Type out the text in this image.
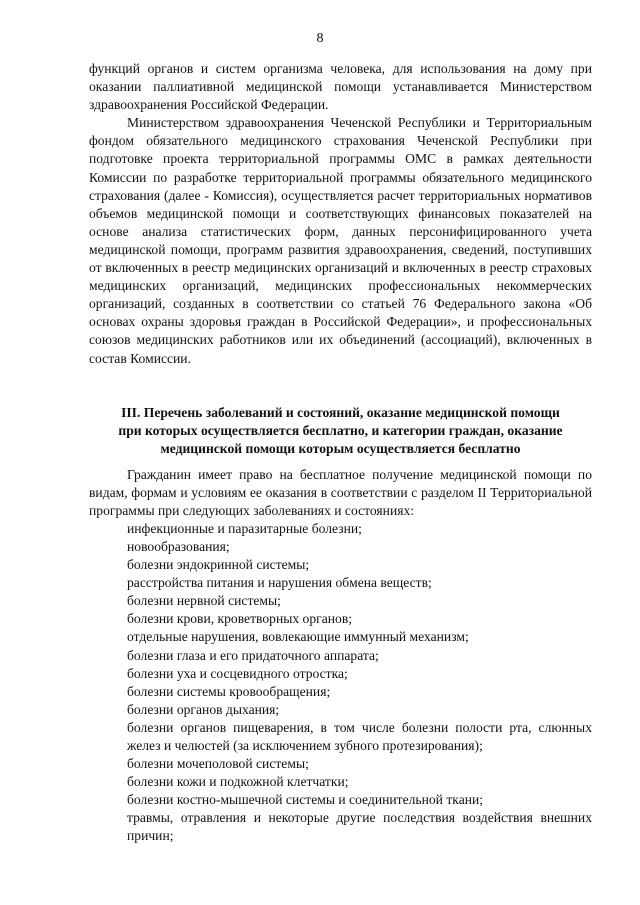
8

функций органов и систем организма человека, для использования на дому при оказании паллиативной медицинской помощи устанавливается Министерством здравоохранения Российской Федерации.

Министерством здравоохранения Чеченской Республики и Территориальным фондом обязательного медицинского страхования Чеченской Республики при подготовке проекта территориальной программы ОМС в рамках деятельности Комиссии по разработке территориальной программы обязательного медицинского страхования (далее - Комиссия), осуществляется расчет территориальных нормативов объемов медицинской помощи и соответствующих финансовых показателей на основе анализа статистических форм, данных персонифицированного учета медицинской помощи, программ развития здравоохранения, сведений, поступивших от включенных в реестр медицинских организаций и включенных в реестр страховых медицинских организаций, медицинских профессиональных некоммерческих организаций, созданных в соответствии со статьей 76 Федерального закона «Об основах охраны здоровья граждан в Российской Федерации», и профессиональных союзов медицинских работников или их объединений (ассоциаций), включенных в состав Комиссии.

III. Перечень заболеваний и состояний, оказание медицинской помощи
при которых осуществляется бесплатно, и категории граждан, оказание
медицинской помощи которым осуществляется бесплатно

Гражданин имеет право на бесплатное получение медицинской помощи по видам, формам и условиям ее оказания в соответствии с разделом II Территориальной программы при следующих заболеваниях и состояниях:

инфекционные и паразитарные болезни;
новообразования;
болезни эндокринной системы;
расстройства питания и нарушения обмена веществ;
болезни нервной системы;
болезни крови, кроветворных органов;
отдельные нарушения, вовлекающие иммунный механизм;
болезни глаза и его придаточного аппарата;
болезни уха и сосцевидного отростка;
болезни системы кровообращения;
болезни органов дыхания;
болезни органов пищеварения, в том числе болезни полости рта, слюнных желез и челюстей (за исключением зубного протезирования);
болезни мочеполовой системы;
болезни кожи и подкожной клетчатки;
болезни костно-мышечной системы и соединительной ткани;
травмы, отравления и некоторые другие последствия воздействия внешних причин;
